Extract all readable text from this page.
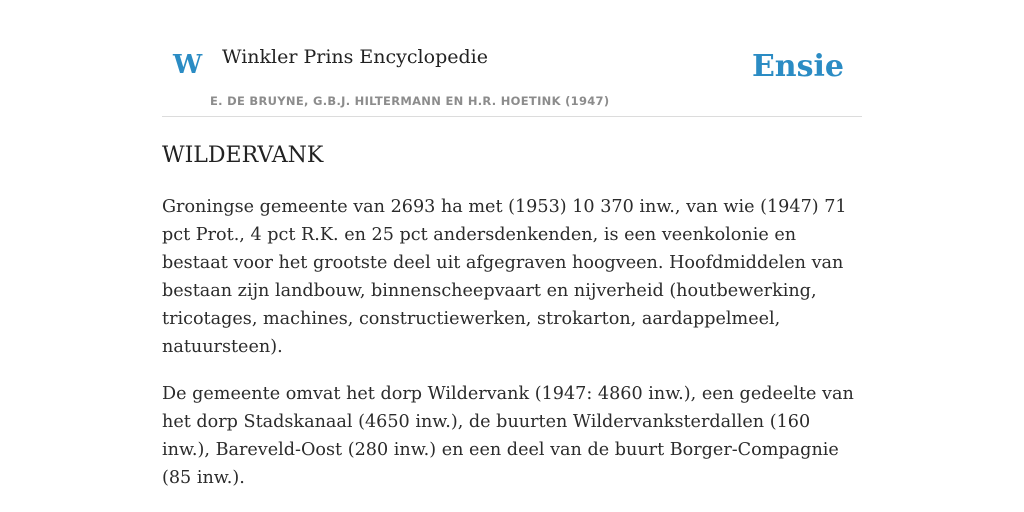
W Winkler Prins Encyclopedie
E. DE BRUYNE, G.B.J. HILTERMANN EN H.R. HOETINK (1947)
Ensie
WILDERVANK

Groningse gemeente van 2693 ha met (1953) 10 370 inw., van wie (1947) 71 pct Prot., 4 pct R.K. en 25 pct andersdenkenden, is een veenkolonie en bestaat voor het grootste deel uit afgegraven hoogveen. Hoofdmiddelen van bestaan zijn landbouw, binnenscheepvaart en nijverheid (houtbewerking, tricotages, machines, constructiewerken, strokarton, aardappelmeel, natuursteen).

De gemeente omvat het dorp Wildervank (1947: 4860 inw.), een gedeelte van het dorp Stadskanaal (4650 inw.), de buurten Wildervanksterdallen (160 inw.), Bareveld-Oost (280 inw.) en een deel van de buurt Borger-Compagnie (85 inw.).
